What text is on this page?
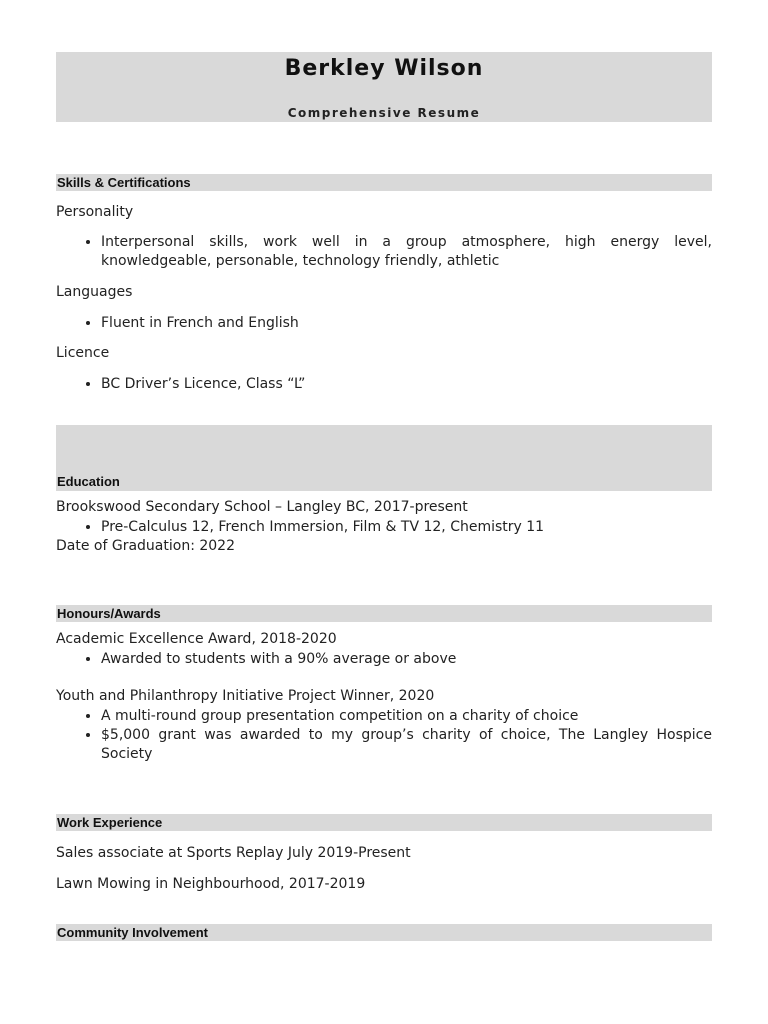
Berkley Wilson
Comprehensive Resume
Skills & Certifications
Personality
• Interpersonal skills, work well in a group atmosphere, high energy level, knowledgeable, personable, technology friendly, athletic
Languages
• Fluent in French and English
Licence
• BC Driver’s Licence, Class “L”
Education
Brookswood Secondary School – Langley BC, 2017-present
• Pre-Calculus 12, French Immersion, Film & TV 12, Chemistry 11
Date of Graduation: 2022
Honours/Awards
Academic Excellence Award, 2018-2020
• Awarded to students with a 90% average or above
Youth and Philanthropy Initiative Project Winner, 2020
• A multi-round group presentation competition on a charity of choice
• $5,000 grant was awarded to my group’s charity of choice, The Langley Hospice Society
Work Experience
Sales associate at Sports Replay July 2019-Present
Lawn Mowing in Neighbourhood, 2017-2019
Community Involvement
